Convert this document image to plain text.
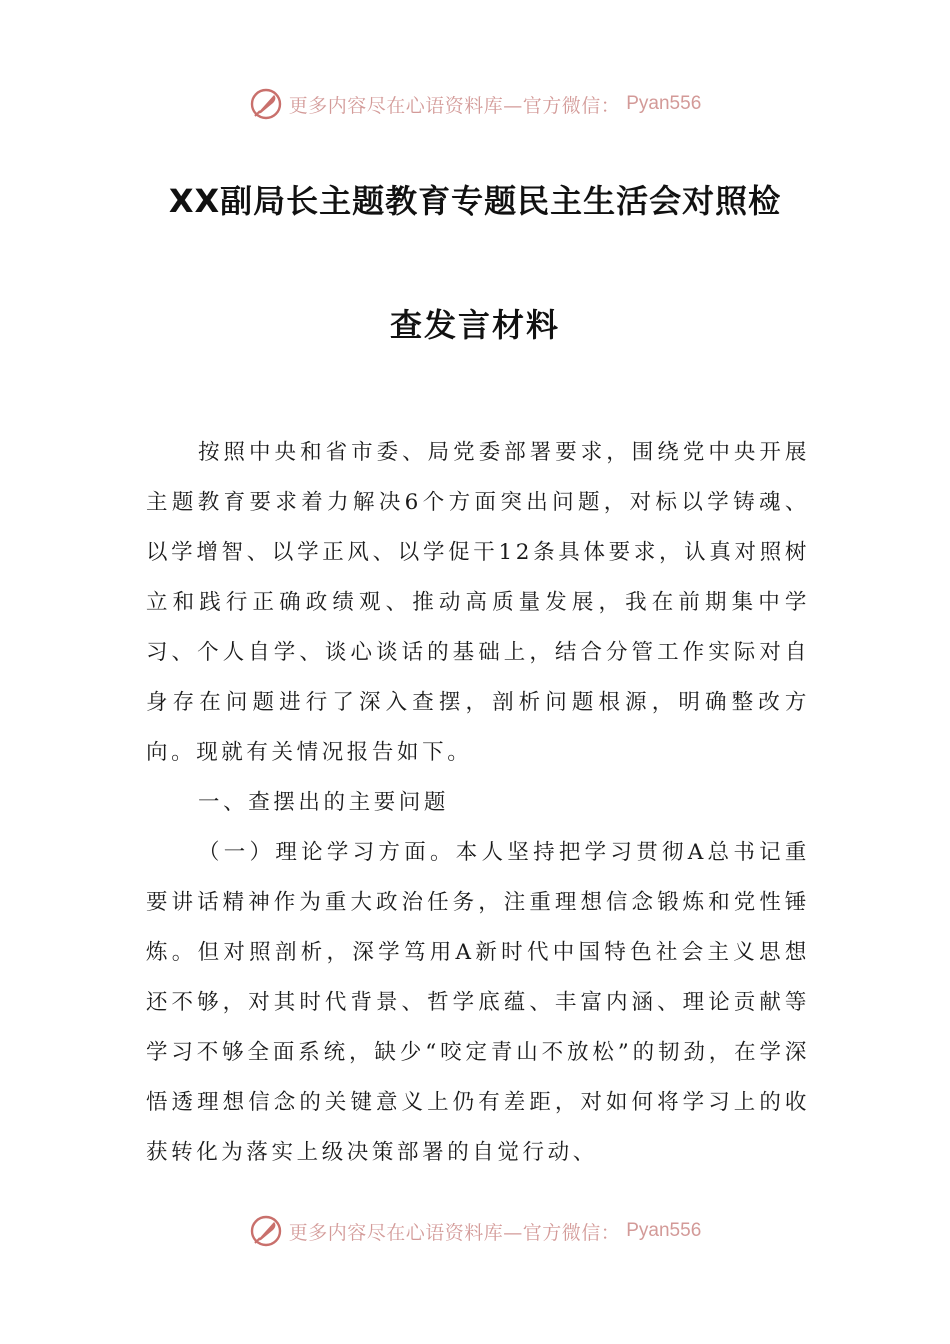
更多内容尽在心语资料库—官方微信： Pyan556
XX副局长主题教育专题民主生活会对照检
查发言材料

按照中央和省市委、局党委部署要求，围绕党中央开展主题教育要求着力解决6个方面突出问题，对标以学铸魂、以学增智、以学正风、以学促干12条具体要求，认真对照树立和践行正确政绩观、推动高质量发展，我在前期集中学习、个人自学、谈心谈话的基础上，结合分管工作实际对自身存在问题进行了深入查摆，剖析问题根源，明确整改方向。现就有关情况报告如下。

一、查摆出的主要问题

（一）理论学习方面。本人坚持把学习贯彻A总书记重要讲话精神作为重大政治任务，注重理想信念锻炼和党性锤炼。但对照剖析，深学笃用A新时代中国特色社会主义思想还不够，对其时代背景、哲学底蕴、丰富内涵、理论贡献等学习不够全面系统，缺少“咬定青山不放松”的韧劲，在学深悟透理想信念的关键意义上仍有差距，对如何将学习上的收获转化为落实上级决策部署的自觉行动、

更多内容尽在心语资料库—官方微信： Pyan556
